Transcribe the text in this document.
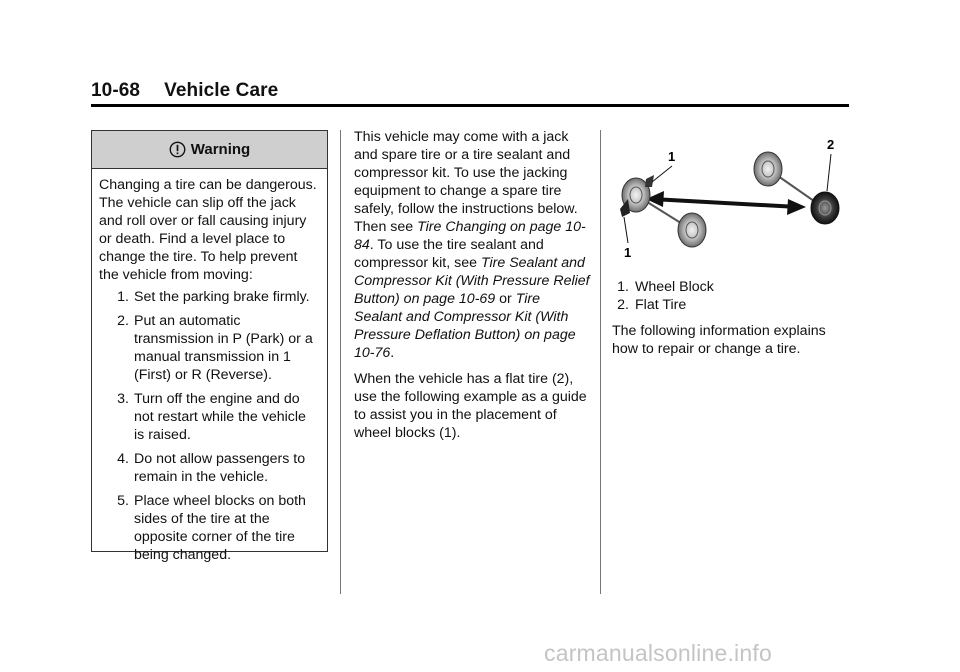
10-68 Vehicle Care
Warning

Changing a tire can be dangerous. The vehicle can slip off the jack and roll over or fall causing injury or death. Find a level place to change the tire. To help prevent the vehicle from moving:

1. Set the parking brake firmly.
2. Put an automatic transmission in P (Park) or a manual transmission in 1 (First) or R (Reverse).
3. Turn off the engine and do not restart while the vehicle is raised.
4. Do not allow passengers to remain in the vehicle.
5. Place wheel blocks on both sides of the tire at the opposite corner of the tire being changed.

This vehicle may come with a jack and spare tire or a tire sealant and compressor kit. To use the jacking equipment to change a spare tire safely, follow the instructions below. Then see Tire Changing on page 10-84. To use the tire sealant and compressor kit, see Tire Sealant and Compressor Kit (With Pressure Relief Button) on page 10-69 or Tire Sealant and Compressor Kit (With Pressure Deflation Button) on page 10-76.

When the vehicle has a flat tire (2), use the following example as a guide to assist you in the placement of wheel blocks (1).

1
1
2
1. Wheel Block
2. Flat Tire

The following information explains how to repair or change a tire.

carmanualsonline.info
